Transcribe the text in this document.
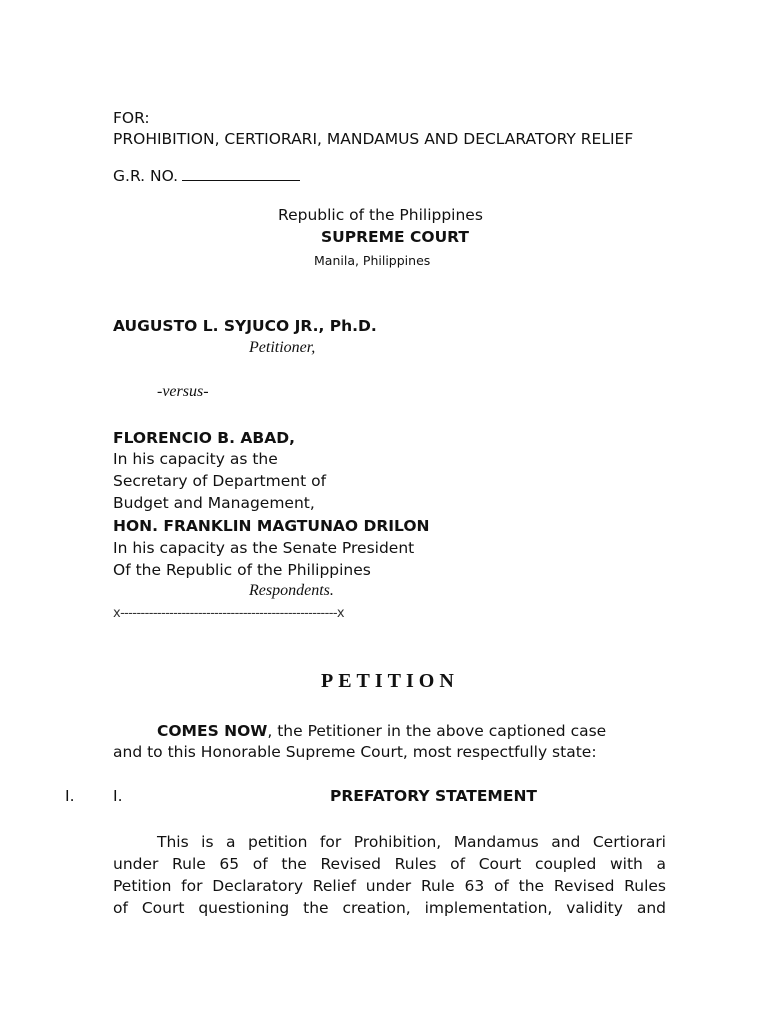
FOR:
PROHIBITION, CERTIORARI, MANDAMUS AND DECLARATORY RELIEF
G.R. NO.
Republic of the Philippines
SUPREME COURT
Manila, Philippines
AUGUSTO L. SYJUCO JR., Ph.D.
Petitioner,
-versus-
FLORENCIO B. ABAD,
In his capacity as the
Secretary of Department of
Budget and Management,
HON. FRANKLIN MAGTUNAO DRILON
In his capacity as the Senate President
Of the Republic of the Philippines
Respondents.
x-----------------------------------------------------x
PETITION
COMES NOW, the Petitioner in the above captioned case
and to this Honorable Supreme Court, most respectfully state:
I. I.	PREFATORY STATEMENT
This is a petition for Prohibition, Mandamus and Certiorari
under Rule 65 of the Revised Rules of Court coupled with a
Petition for Declaratory Relief under Rule 63 of the Revised Rules
of Court questioning the creation, implementation, validity and
